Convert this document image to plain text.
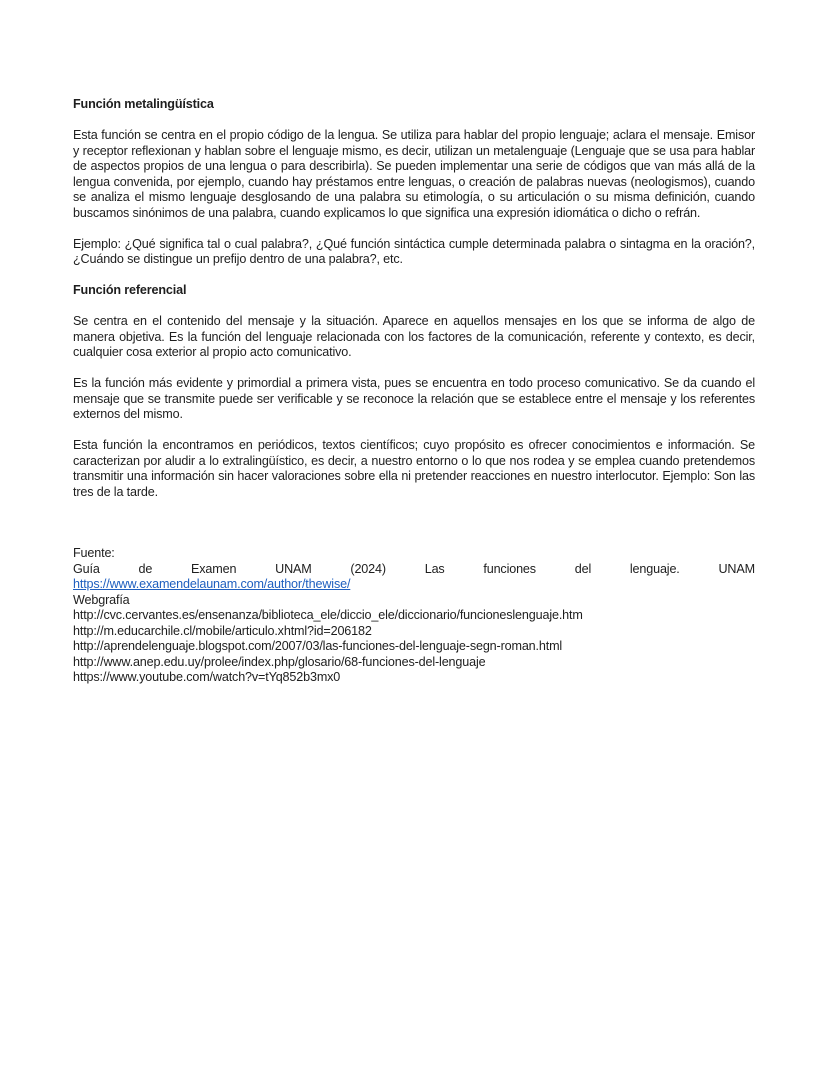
Función metalingüística

Esta función se centra en el propio código de la lengua. Se utiliza para hablar del propio lenguaje; aclara el mensaje. Emisor y receptor reflexionan y hablan sobre el lenguaje mismo, es decir, utilizan un metalenguaje (Lenguaje que se usa para hablar de aspectos propios de una lengua o para describirla). Se pueden implementar una serie de códigos que van más allá de la lengua convenida, por ejemplo, cuando hay préstamos entre lenguas, o creación de palabras nuevas (neologismos), cuando se analiza el mismo lenguaje desglosando de una palabra su etimología, o su articulación o su misma definición, cuando buscamos sinónimos de una palabra, cuando explicamos lo que significa una expresión idiomática o dicho o refrán.

Ejemplo: ¿Qué significa tal o cual palabra?, ¿Qué función sintáctica cumple determinada palabra o sintagma en la oración?, ¿Cuándo se distingue un prefijo dentro de una palabra?, etc.

Función referencial

Se centra en el contenido del mensaje y la situación. Aparece en aquellos mensajes en los que se informa de algo de manera objetiva. Es la función del lenguaje relacionada con los factores de la comunicación, referente y contexto, es decir, cualquier cosa exterior al propio acto comunicativo.

Es la función más evidente y primordial a primera vista, pues se encuentra en todo proceso comunicativo. Se da cuando el mensaje que se transmite puede ser verificable y se reconoce la relación que se establece entre el mensaje y los referentes externos del mismo.

Esta función la encontramos en periódicos, textos científicos; cuyo propósito es ofrecer conocimientos e información. Se caracterizan por aludir a lo extralingüístico, es decir, a nuestro entorno o lo que nos rodea y se emplea cuando pretendemos transmitir una información sin hacer valoraciones sobre ella ni pretender reacciones en nuestro interlocutor. Ejemplo: Son las tres de la tarde.

Fuente:

Guía	de	Examen	UNAM	(2024)	Las	funciones	del	lenguaje.	UNAM

https://www.examendelaunam.com/author/thewise/

Webgrafía

http://cvc.cervantes.es/ensenanza/biblioteca_ele/diccio_ele/diccionario/funcioneslenguaje.htm

http://m.educarchile.cl/mobile/articulo.xhtml?id=206182

http://aprendelenguaje.blogspot.com/2007/03/las-funciones-del-lenguaje-segn-roman.html

http://www.anep.edu.uy/prolee/index.php/glosario/68-funciones-del-lenguaje

https://www.youtube.com/watch?v=tYq852b3mx0
